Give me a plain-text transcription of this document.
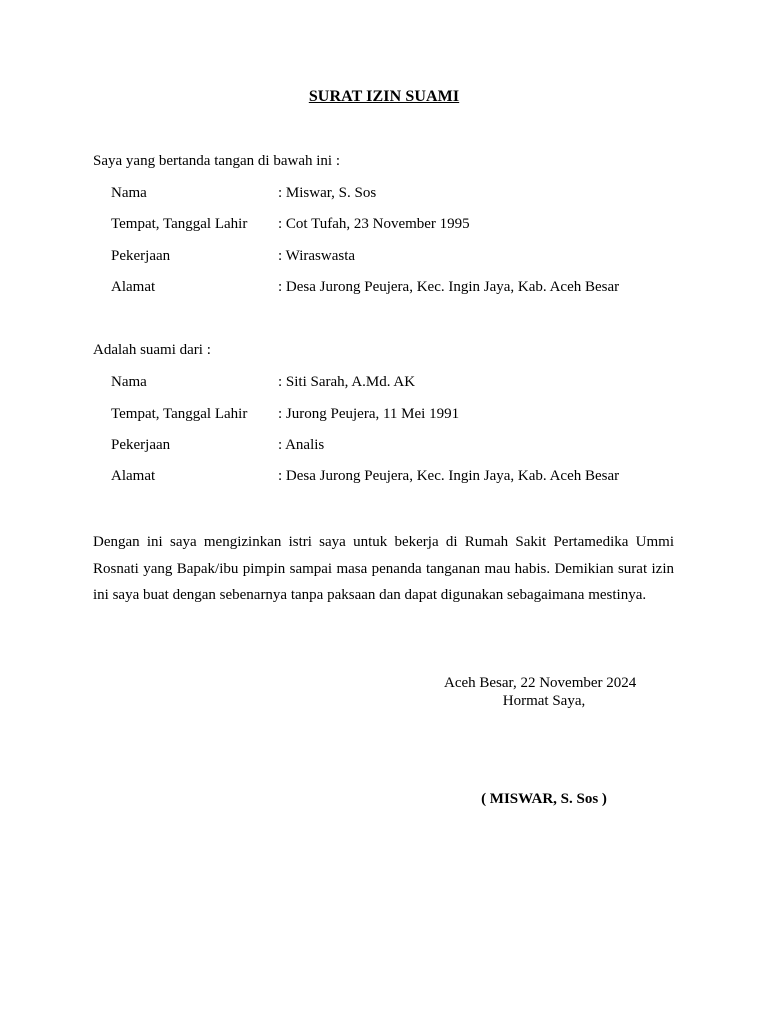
SURAT IZIN SUAMI
Saya yang bertanda tangan di bawah ini :
Nama	: Miswar, S. Sos
Tempat, Tanggal Lahir : Cot Tufah, 23 November 1995
Pekerjaan	: Wiraswasta
Alamat	: Desa Jurong Peujera, Kec. Ingin Jaya, Kab. Aceh Besar
Adalah suami dari :
Nama	: Siti Sarah, A.Md. AK
Tempat, Tanggal Lahir : Jurong Peujera, 11 Mei 1991
Pekerjaan	: Analis
Alamat	: Desa Jurong Peujera, Kec. Ingin Jaya, Kab. Aceh Besar
Dengan ini saya mengizinkan istri saya untuk bekerja di Rumah Sakit Pertamedika Ummi Rosnati yang Bapak/ibu pimpin sampai masa penanda tanganan mau habis. Demikian surat izin ini saya buat dengan sebenarnya tanpa paksaan dan dapat digunakan sebagaimana mestinya.
Aceh Besar, 22 November 2024
Hormat Saya,
( MISWAR, S. Sos )
